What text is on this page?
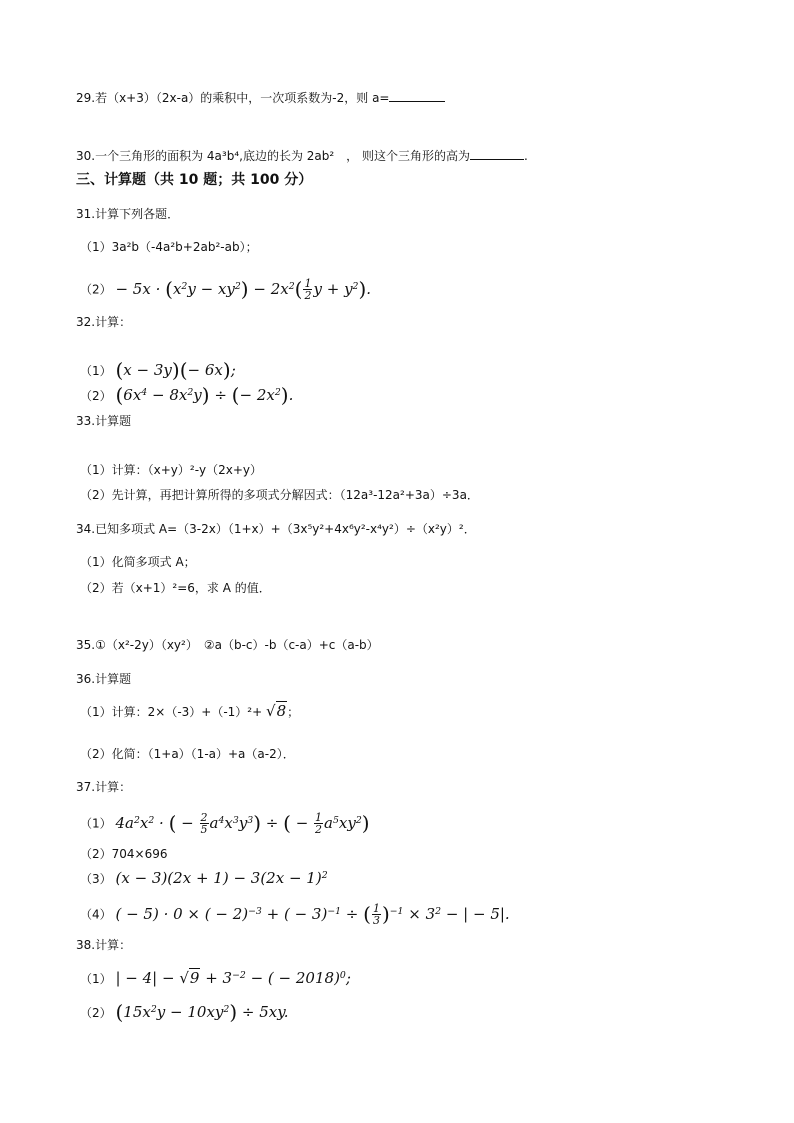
29.若（x+3）（2x-a）的乘积中，一次项系数为-2，则 a=
30.一个三角形的面积为 4a³b⁴,底边的长为 2ab²　， 则这个三角形的高为	.
三、计算题（共 10 题；共 100 分）
31.计算下列各题．
（1）3a²b（-4a²b+2ab²-ab）；
$(2) - 5x \cdot (x^2y - xy^2) - 2x^2( \frac{1}{2}$ $y + y^2$).
32.计算：
（1） (x − 3y)(− 6x);
（2） $(6x^4 - 8x^2y)$ ÷ (− $2x^2$).
33.计算题
（1）计算：（x+y）²-y（2x+y）
（2）先计算，再把计算所得的多项式分解因式：（12a³-12a²+3a）÷3a．
34.已知多项式 A=（3-2x）（1+x）+（3x⁵y²+4x⁶y²-x⁴y²）÷（x²y）²．
（1）化简多项式 A；
（2）若（x+1）²=6，求 A 的值．
35.①（x²-2y）（xy²）　②a（b-c）-b（c-a）+c（a-b）
36.计算题
（1）计算：2×（-3）+（-1）²+ √8；
（2）化简：（1+a）（1-a）+a（a-2）．
37.计算：
（1） $4a^2x^2$ · ( − $\frac{2}{5} a^4x^3y^3$) ÷ ( − $\frac{1}{2} a^5xy^2$)
（2）704×696
（3） $(x - 3)(2x + 1) - 3(2x - 1)^2$
（4） ( − 5) · 0 × ( − 2)$^{-3}$ + ( − 3)$^{-1}$ ÷ ( $\frac{1}{3} )^{-1} \times 3^2$ − | − 5|.
38.计算：
（1） | − $4| - √9 + 3^{-2}$ − ( − 2018)$^0$;
（2） $(15x^2y - 10xy^2) \div 5xy$.
